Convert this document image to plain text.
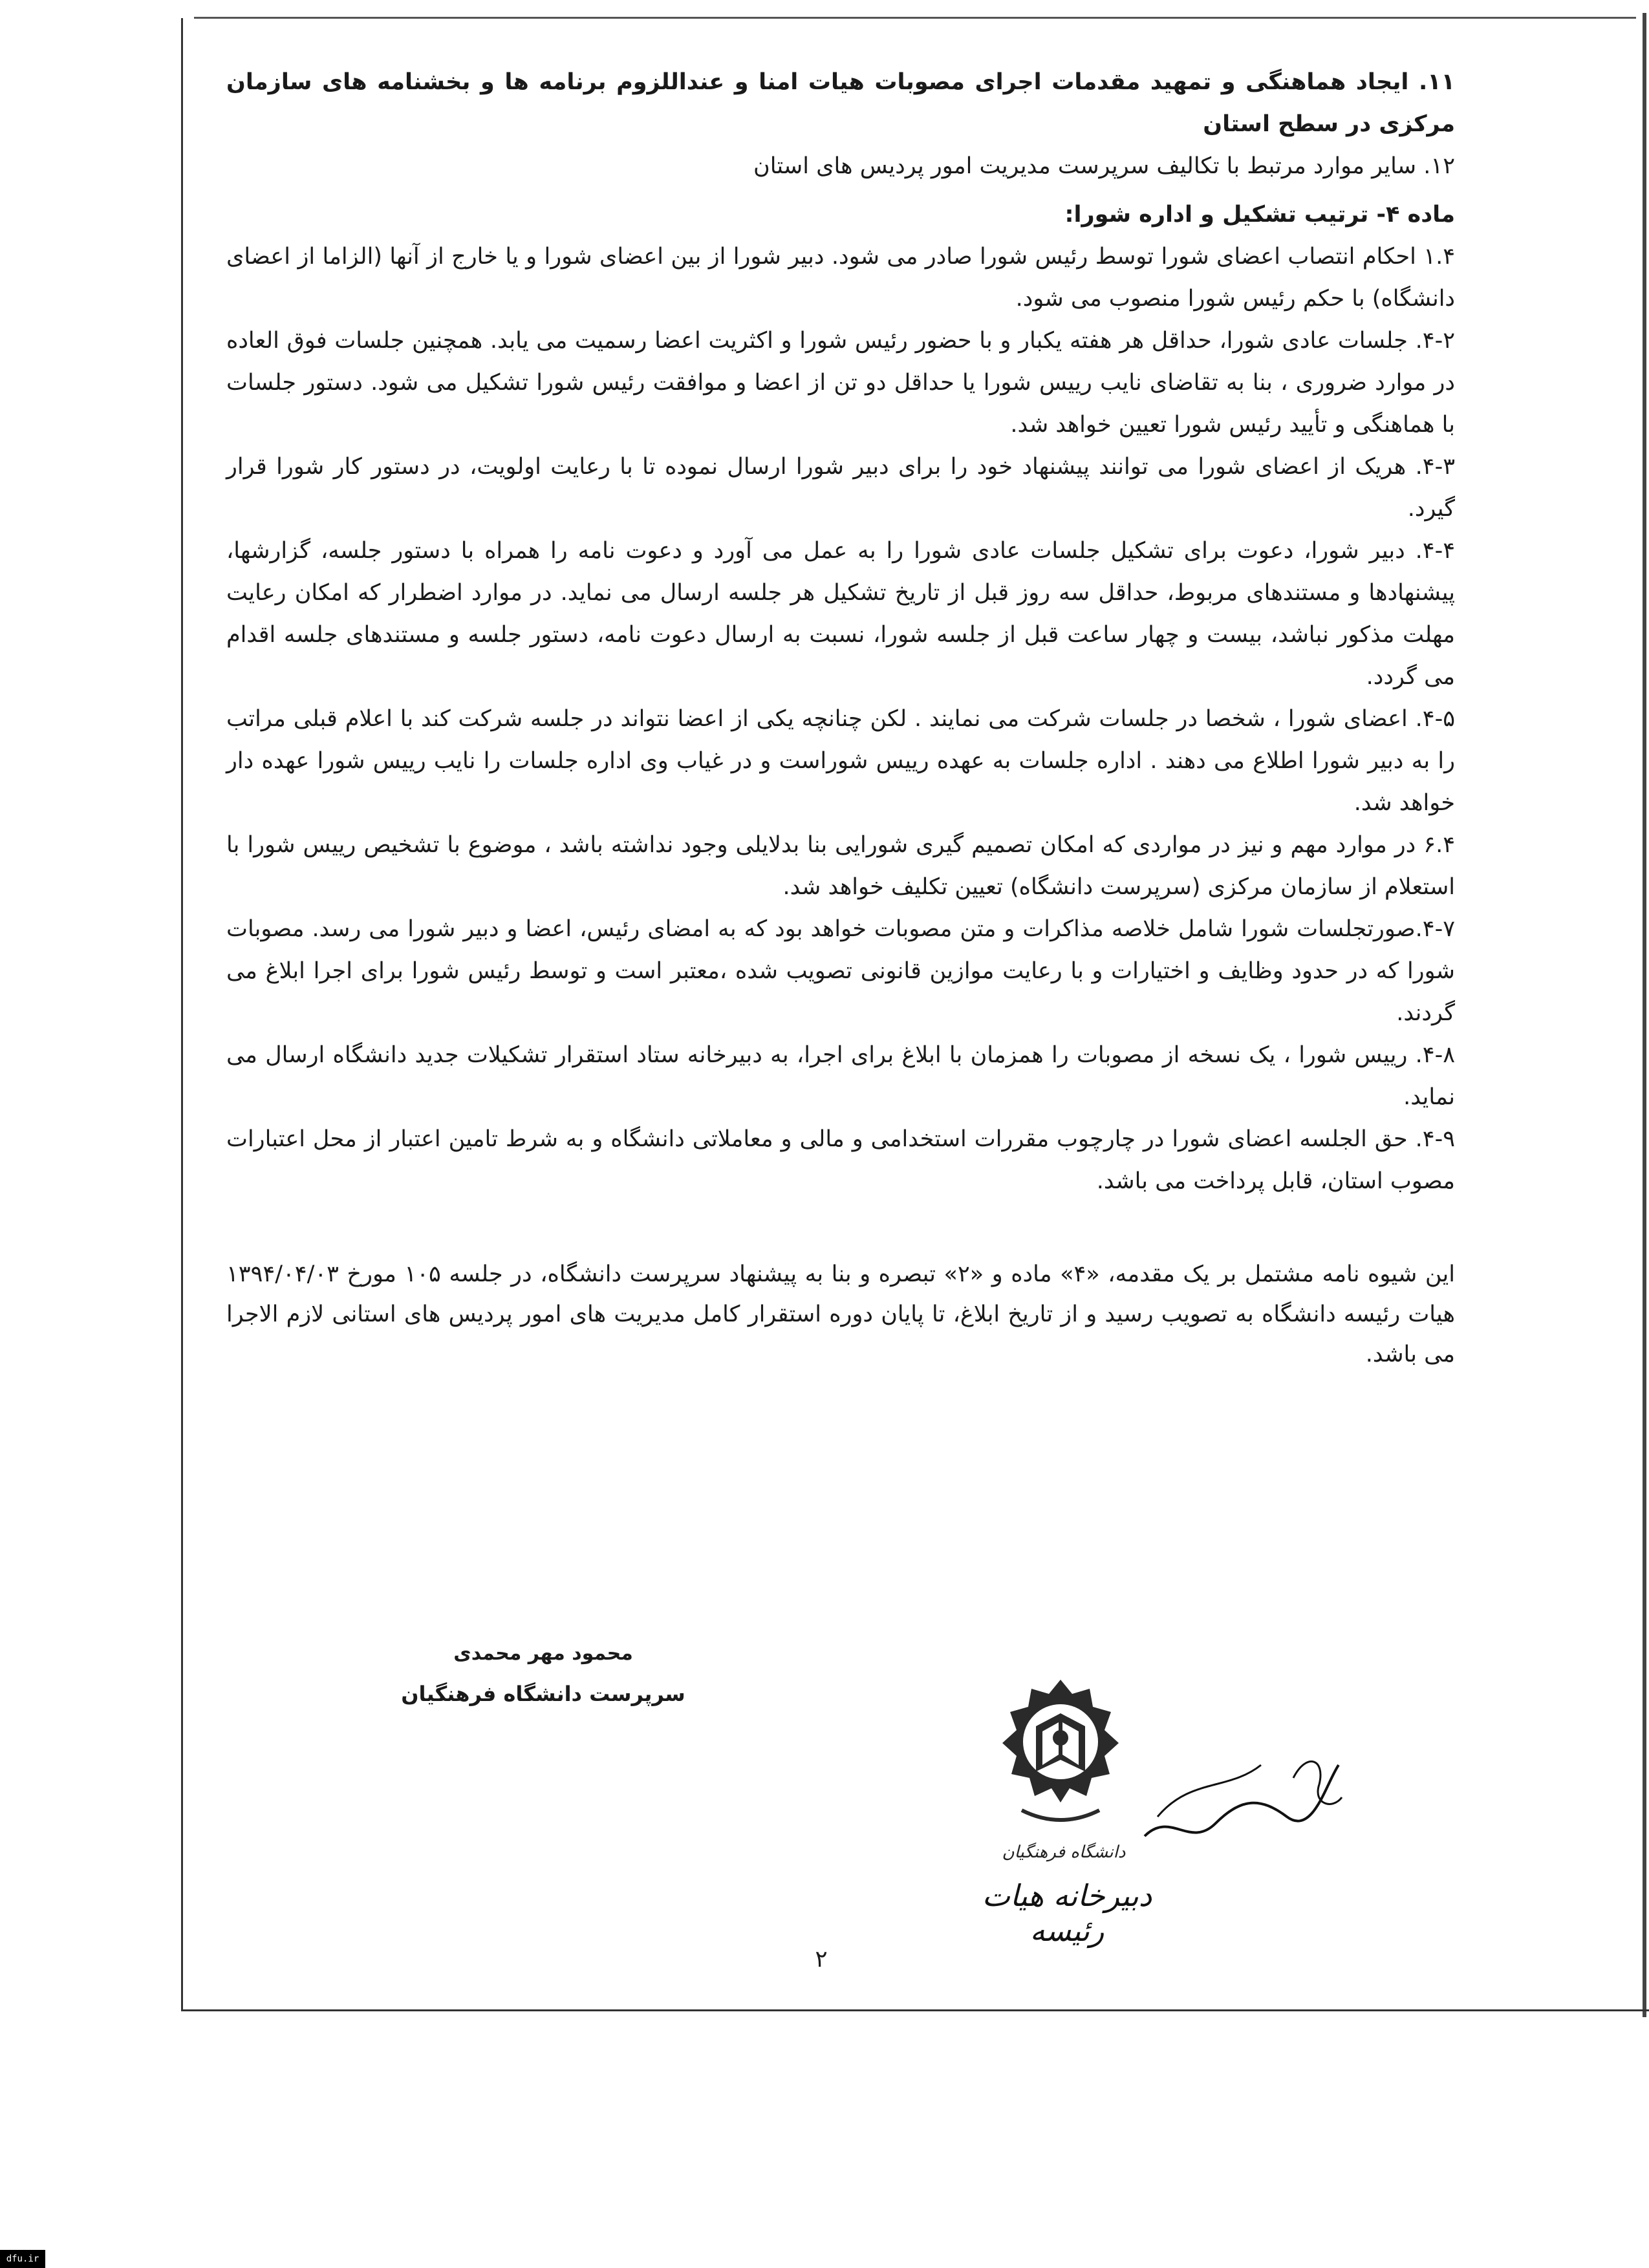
۱۱. ایجاد هماهنگی و تمهید مقدمات اجرای مصوبات هیات امنا و عنداللزوم برنامه ها و بخشنامه های سازمان مرکزی در سطح استان

۱۲. سایر موارد مرتبط با تکالیف سرپرست مدیریت امور پردیس های استان

ماده ۴- ترتیب تشکیل و اداره شورا:

۱.۴ احکام انتصاب اعضای شورا توسط رئیس شورا صادر می شود. دبیر شورا از بین اعضای شورا و یا خارج از آنها (الزاما از اعضای دانشگاه) با حکم رئیس شورا منصوب می شود.

۴-۲. جلسات عادی شورا، حداقل هر هفته یکبار و با حضور رئیس شورا و اکثریت اعضا رسمیت می یابد. همچنین جلسات فوق العاده در موارد ضروری ، بنا به تقاضای نایب رییس شورا یا حداقل دو تن از اعضا و موافقت رئیس شورا تشکیل می شود. دستور جلسات با هماهنگی و تأیید رئیس شورا تعیین خواهد شد.

۴-۳. هریک از اعضای شورا می توانند پیشنهاد خود را برای دبیر شورا ارسال نموده تا با رعایت اولویت، در دستور کار شورا قرار گیرد.

۴-۴. دبیر شورا، دعوت برای تشکیل جلسات عادی شورا را به عمل می آورد و دعوت نامه را همراه با دستور جلسه، گزارشها، پیشنهادها و مستندهای مربوط، حداقل سه روز قبل از تاریخ تشکیل هر جلسه ارسال می نماید. در موارد اضطرار که امکان رعایت مهلت مذکور نباشد، بیست و چهار ساعت قبل از جلسه شورا، نسبت به ارسال دعوت نامه، دستور جلسه و مستندهای جلسه اقدام می گردد.

۴-۵. اعضای شورا ، شخصا در جلسات شرکت می نمایند . لکن چنانچه یکی از اعضا نتواند در جلسه شرکت کند با اعلام قبلی مراتب را به دبیر شورا اطلاع می دهند . اداره جلسات به عهده رییس شوراست و در غیاب وی اداره جلسات را نایب رییس شورا عهده دار خواهد شد.

۶.۴ در موارد مهم و نیز در مواردی که امکان تصمیم گیری شورایی بنا بدلایلی وجود نداشته باشد ، موضوع با تشخیص رییس شورا با استعلام از سازمان مرکزی (سرپرست دانشگاه) تعیین تکلیف خواهد شد.

۴-۷.صورتجلسات شورا شامل خلاصه مذاکرات و متن مصوبات خواهد بود که به امضای رئیس، اعضا و دبیر شورا می رسد. مصوبات شورا که در حدود وظایف و اختیارات و با رعایت موازین قانونی تصویب شده ،معتبر است و توسط رئیس شورا برای اجرا ابلاغ می گردند.

۴-۸. رییس شورا ، یک نسخه از مصوبات را همزمان با ابلاغ برای اجرا، به دبیرخانه ستاد استقرار تشکیلات جدید دانشگاه ارسال می نماید.

۴-۹. حق الجلسه اعضای شورا در چارچوب مقررات استخدامی و مالی و معاملاتی دانشگاه و به شرط تامین اعتبار از محل اعتبارات مصوب استان، قابل پرداخت می باشد.

این شیوه نامه مشتمل بر یک مقدمه، «۴» ماده و «۲» تبصره و بنا به پیشنهاد سرپرست دانشگاه، در جلسه ۱۰۵ مورخ ۱۳۹۴/۰۴/۰۳ هیات رئیسه دانشگاه به تصویب رسید و از تاریخ ابلاغ، تا پایان دوره استقرار کامل مدیریت های امور پردیس های استانی لازم الاجرا می باشد.

محمود مهر محمدی
سرپرست دانشگاه فرهنگیان
دانشگاه فرهنگیان
دبیرخانه هیات رئیسه
۲
dfu.ir
